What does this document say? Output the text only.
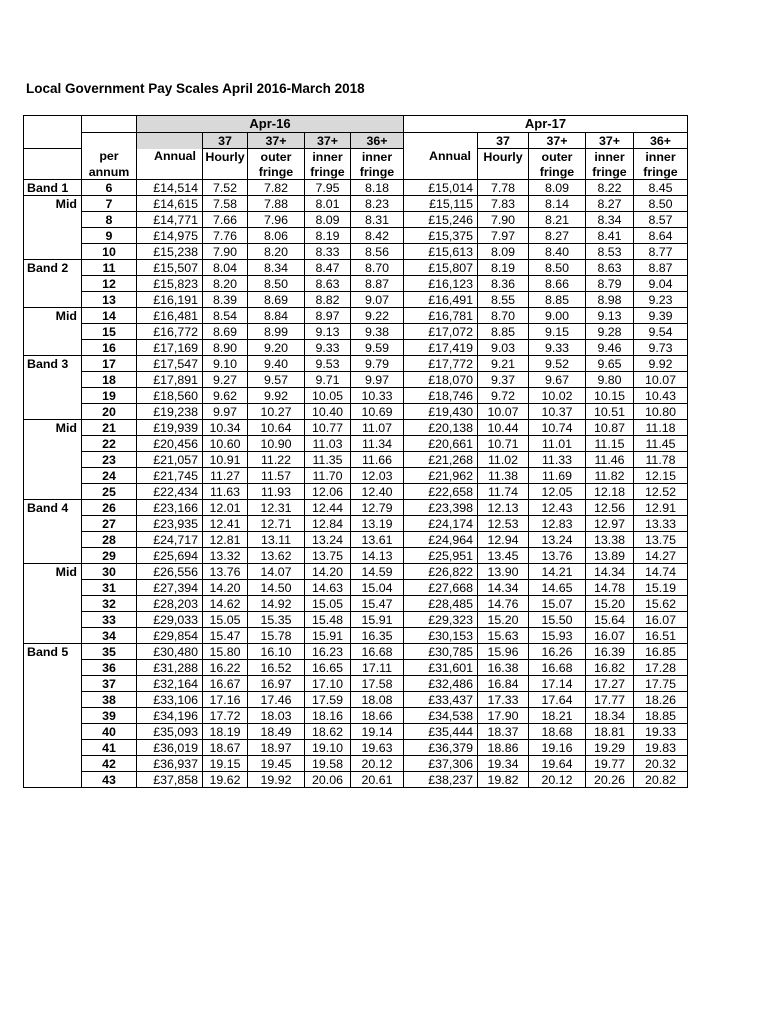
Local Government Pay Scales April 2016-March 2018
		Apr-16					Apr-17				
			37	37+	37+	36+		37	37+	37+	36+
	per	Annual	Hourly	outer	inner	inner	Annual	Hourly	outer	inner	inner
	annum			fringe	fringe	fringe			fringe	fringe	fringe
Band 1	6	£14,514	7.52	7.82	7.95	8.18	£15,014	7.78	8.09	8.22	8.45
Mid	7	£14,615	7.58	7.88	8.01	8.23	£15,115	7.83	8.14	8.27	8.50
	8	£14,771	7.66	7.96	8.09	8.31	£15,246	7.90	8.21	8.34	8.57
	9	£14,975	7.76	8.06	8.19	8.42	£15,375	7.97	8.27	8.41	8.64
	10	£15,238	7.90	8.20	8.33	8.56	£15,613	8.09	8.40	8.53	8.77
Band 2	11	£15,507	8.04	8.34	8.47	8.70	£15,807	8.19	8.50	8.63	8.87
	12	£15,823	8.20	8.50	8.63	8.87	£16,123	8.36	8.66	8.79	9.04
	13	£16,191	8.39	8.69	8.82	9.07	£16,491	8.55	8.85	8.98	9.23
Mid	14	£16,481	8.54	8.84	8.97	9.22	£16,781	8.70	9.00	9.13	9.39
	15	£16,772	8.69	8.99	9.13	9.38	£17,072	8.85	9.15	9.28	9.54
	16	£17,169	8.90	9.20	9.33	9.59	£17,419	9.03	9.33	9.46	9.73
Band 3	17	£17,547	9.10	9.40	9.53	9.79	£17,772	9.21	9.52	9.65	9.92
	18	£17,891	9.27	9.57	9.71	9.97	£18,070	9.37	9.67	9.80	10.07
	19	£18,560	9.62	9.92	10.05	10.33	£18,746	9.72	10.02	10.15	10.43
	20	£19,238	9.97	10.27	10.40	10.69	£19,430	10.07	10.37	10.51	10.80
Mid	21	£19,939	10.34	10.64	10.77	11.07	£20,138	10.44	10.74	10.87	11.18
	22	£20,456	10.60	10.90	11.03	11.34	£20,661	10.71	11.01	11.15	11.45
	23	£21,057	10.91	11.22	11.35	11.66	£21,268	11.02	11.33	11.46	11.78
	24	£21,745	11.27	11.57	11.70	12.03	£21,962	11.38	11.69	11.82	12.15
	25	£22,434	11.63	11.93	12.06	12.40	£22,658	11.74	12.05	12.18	12.52
Band 4	26	£23,166	12.01	12.31	12.44	12.79	£23,398	12.13	12.43	12.56	12.91
	27	£23,935	12.41	12.71	12.84	13.19	£24,174	12.53	12.83	12.97	13.33
	28	£24,717	12.81	13.11	13.24	13.61	£24,964	12.94	13.24	13.38	13.75
	29	£25,694	13.32	13.62	13.75	14.13	£25,951	13.45	13.76	13.89	14.27
Mid	30	£26,556	13.76	14.07	14.20	14.59	£26,822	13.90	14.21	14.34	14.74
	31	£27,394	14.20	14.50	14.63	15.04	£27,668	14.34	14.65	14.78	15.19
	32	£28,203	14.62	14.92	15.05	15.47	£28,485	14.76	15.07	15.20	15.62
	33	£29,033	15.05	15.35	15.48	15.91	£29,323	15.20	15.50	15.64	16.07
	34	£29,854	15.47	15.78	15.91	16.35	£30,153	15.63	15.93	16.07	16.51
Band 5	35	£30,480	15.80	16.10	16.23	16.68	£30,785	15.96	16.26	16.39	16.85
	36	£31,288	16.22	16.52	16.65	17.11	£31,601	16.38	16.68	16.82	17.28
	37	£32,164	16.67	16.97	17.10	17.58	£32,486	16.84	17.14	17.27	17.75
	38	£33,106	17.16	17.46	17.59	18.08	£33,437	17.33	17.64	17.77	18.26
	39	£34,196	17.72	18.03	18.16	18.66	£34,538	17.90	18.21	18.34	18.85
	40	£35,093	18.19	18.49	18.62	19.14	£35,444	18.37	18.68	18.81	19.33
	41	£36,019	18.67	18.97	19.10	19.63	£36,379	18.86	19.16	19.29	19.83
	42	£36,937	19.15	19.45	19.58	20.12	£37,306	19.34	19.64	19.77	20.32
	43	£37,858	19.62	19.92	20.06	20.61	£38,237	19.82	20.12	20.26	20.82
